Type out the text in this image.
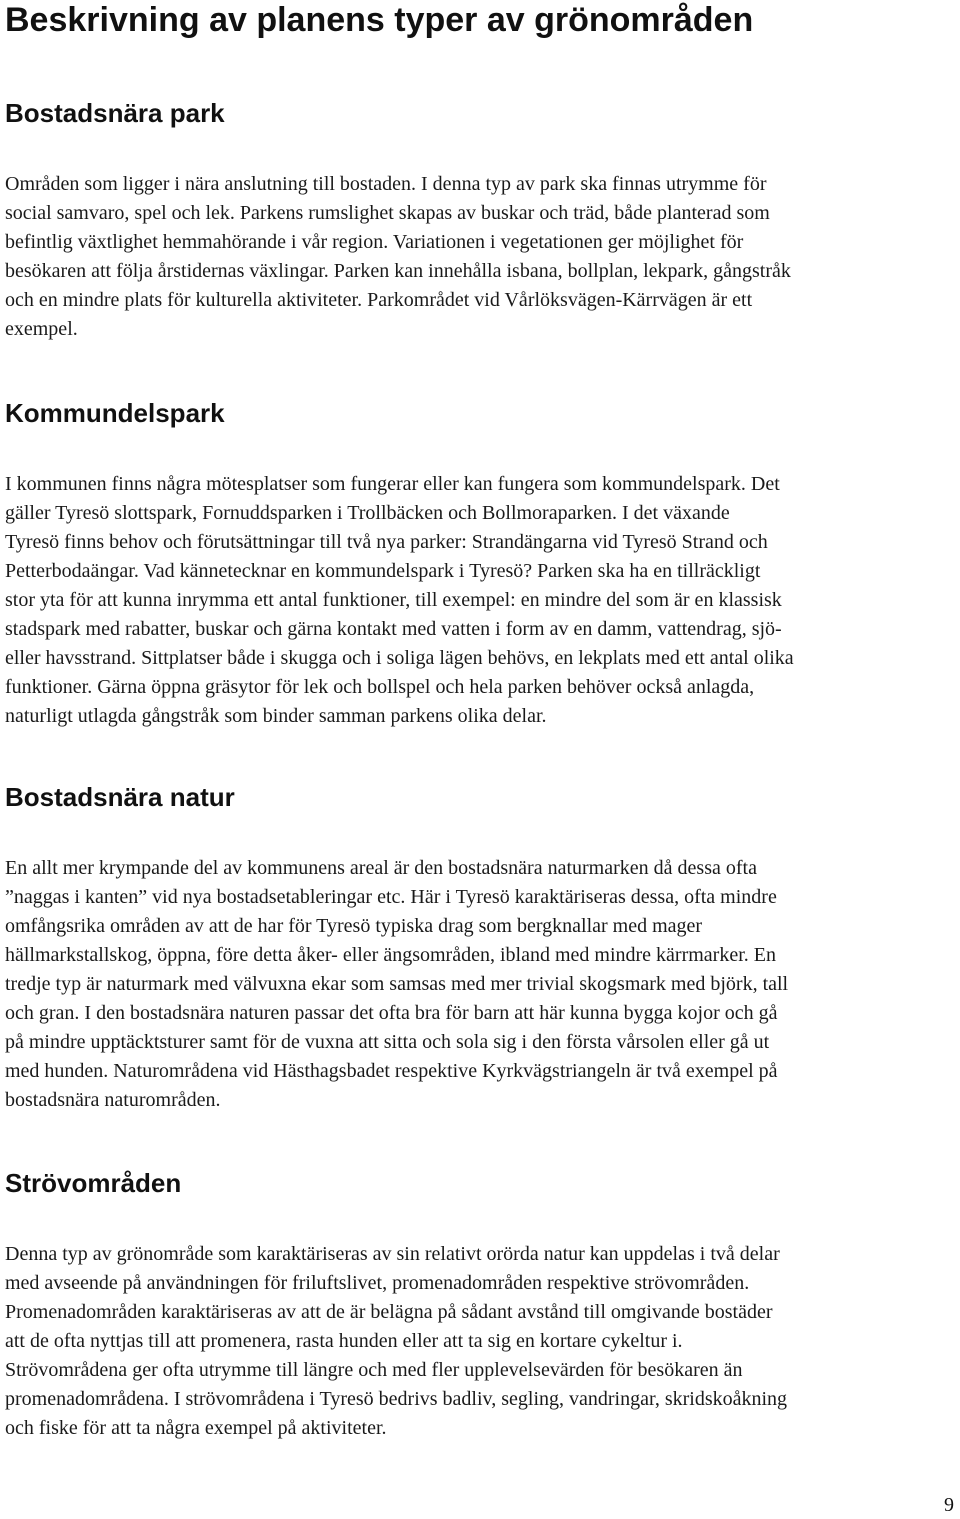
Beskrivning av planens typer av grönområden
Bostadsnära park
Områden som ligger i nära anslutning till bostaden. I denna typ av park ska finnas utrymme för
social samvaro, spel och lek. Parkens rumslighet skapas av buskar och träd, både planterad som
befintlig växtlighet hemmahörande i vår region. Variationen i vegetationen ger möjlighet för
besökaren att följa årstidernas växlingar. Parken kan innehålla isbana, bollplan, lekpark, gångstråk
och en mindre plats för kulturella aktiviteter. Parkområdet vid Vårlöksvägen-Kärrvägen är ett
exempel.
Kommundelspark
I kommunen finns några mötesplatser som fungerar eller kan fungera som kommundelspark. Det
gäller Tyresö slottspark, Fornuddsparken i Trollbäcken och Bollmoraparken. I det växande
Tyresö finns behov och förutsättningar till två nya parker: Strandängarna vid Tyresö Strand och
Petterbodaängar. Vad kännetecknar en kommundelspark i Tyresö? Parken ska ha en tillräckligt
stor yta för att kunna inrymma ett antal funktioner, till exempel: en mindre del som är en klassisk
stadspark med rabatter, buskar och gärna kontakt med vatten i form av en damm, vattendrag, sjö-
eller havsstrand. Sittplatser både i skugga och i soliga lägen behövs, en lekplats med ett antal olika
funktioner. Gärna öppna gräsytor för lek och bollspel och hela parken behöver också anlagda,
naturligt utlagda gångstråk som binder samman parkens olika delar.
Bostadsnära natur
En allt mer krympande del av kommunens areal är den bostadsnära naturmarken då dessa ofta
”naggas i kanten” vid nya bostadsetableringar etc. Här i Tyresö karaktäriseras dessa, ofta mindre
omfångsrika områden av att de har för Tyresö typiska drag som bergknallar med mager
hällmarkstallskog, öppna, före detta åker- eller ängsområden, ibland med mindre kärrmarker. En
tredje typ är naturmark med välvuxna ekar som samsas med mer trivial skogsmark med björk, tall
och gran. I den bostadsnära naturen passar det ofta bra för barn att här kunna bygga kojor och gå
på mindre upptäcktsturer samt för de vuxna att sitta och sola sig i den första vårsolen eller gå ut
med hunden. Naturområdena vid Hästhagsbadet respektive Kyrkvägstriangeln är två exempel på
bostadsnära naturområden.
Strövområden
Denna typ av grönområde som karaktäriseras av sin relativt orörda natur kan uppdelas i två delar
med avseende på användningen för friluftslivet, promenadområden respektive strövområden.
Promenadområden karaktäriseras av att de är belägna på sådant avstånd till omgivande bostäder
att de ofta nyttjas till att promenera, rasta hunden eller att ta sig en kortare cykeltur i.
Strövområdena ger ofta utrymme till längre och med fler upplevelsevärden för besökaren än
promenadområdena. I strövområdena i Tyresö bedrivs badliv, segling, vandringar, skridskoåkning
och fiske för att ta några exempel på aktiviteter.
9
